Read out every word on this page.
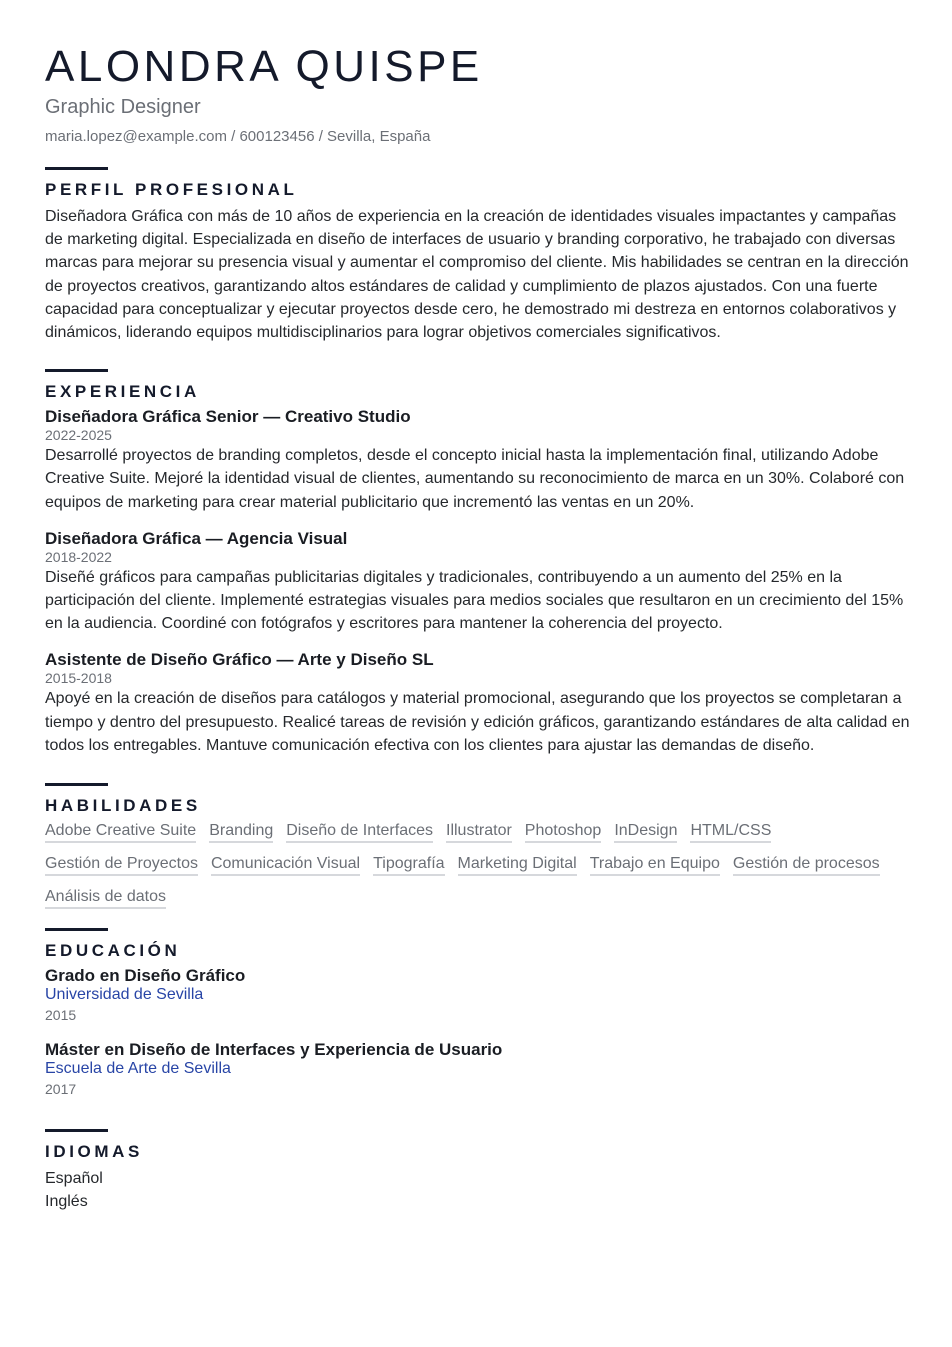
ALONDRA QUISPE
Graphic Designer
maria.lopez@example.com / 600123456 / Sevilla, España
PERFIL PROFESIONAL
Diseñadora Gráfica con más de 10 años de experiencia en la creación de identidades visuales impactantes y campañas de marketing digital. Especializada en diseño de interfaces de usuario y branding corporativo, he trabajado con diversas marcas para mejorar su presencia visual y aumentar el compromiso del cliente. Mis habilidades se centran en la dirección de proyectos creativos, garantizando altos estándares de calidad y cumplimiento de plazos ajustados. Con una fuerte capacidad para conceptualizar y ejecutar proyectos desde cero, he demostrado mi destreza en entornos colaborativos y dinámicos, liderando equipos multidisciplinarios para lograr objetivos comerciales significativos.
EXPERIENCIA
Diseñadora Gráfica Senior — Creativo Studio
2022-2025
Desarrollé proyectos de branding completos, desde el concepto inicial hasta la implementación final, utilizando Adobe Creative Suite. Mejoré la identidad visual de clientes, aumentando su reconocimiento de marca en un 30%. Colaboré con equipos de marketing para crear material publicitario que incrementó las ventas en un 20%.
Diseñadora Gráfica — Agencia Visual
2018-2022
Diseñé gráficos para campañas publicitarias digitales y tradicionales, contribuyendo a un aumento del 25% en la participación del cliente. Implementé estrategias visuales para medios sociales que resultaron en un crecimiento del 15% en la audiencia. Coordiné con fotógrafos y escritores para mantener la coherencia del proyecto.
Asistente de Diseño Gráfico — Arte y Diseño SL
2015-2018
Apoyé en la creación de diseños para catálogos y material promocional, asegurando que los proyectos se completaran a tiempo y dentro del presupuesto. Realicé tareas de revisión y edición gráficos, garantizando estándares de alta calidad en todos los entregables. Mantuve comunicación efectiva con los clientes para ajustar las demandas de diseño.
HABILIDADES
Adobe Creative Suite Branding Diseño de Interfaces Illustrator Photoshop InDesign HTML/CSS
Gestión de Proyectos Comunicación Visual Tipografía Marketing Digital Trabajo en Equipo Gestión de procesos
Análisis de datos
EDUCACIÓN
Grado en Diseño Gráfico
Universidad de Sevilla
2015
Máster en Diseño de Interfaces y Experiencia de Usuario
Escuela de Arte de Sevilla
2017
IDIOMAS
Español
Inglés
